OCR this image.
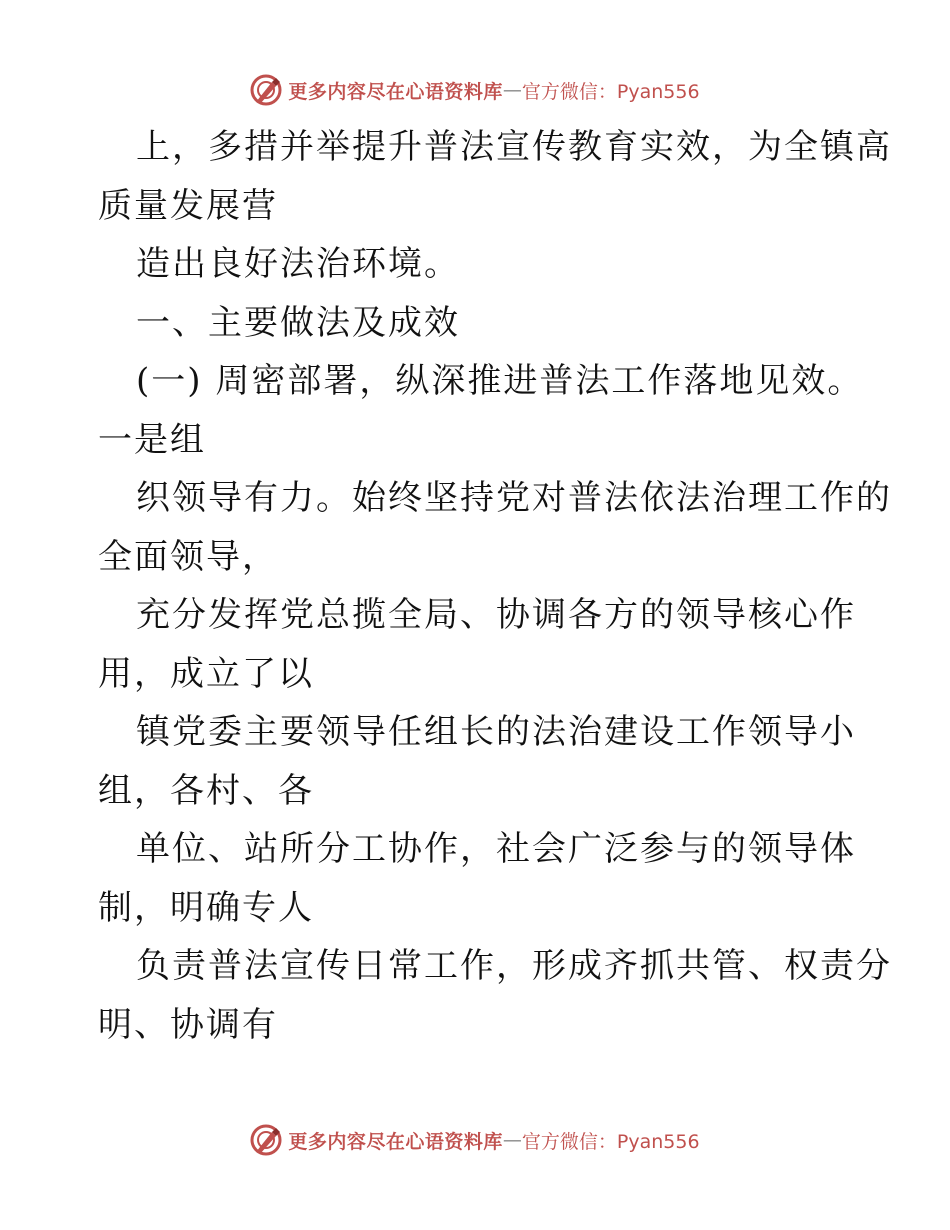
更多内容尽在心语资料库 — 官方微信：Pyan556
上，多措并举提升普法宣传教育实效，为全镇高
质量发展营
造出良好法治环境。
一、主要做法及成效
(一) 周密部署，纵深推进普法工作落地见效。
一是组
织领导有力。始终坚持党对普法依法治理工作的
全面领导，
充分发挥党总揽全局、协调各方的领导核心作
用，成立了以
镇党委主要领导任组长的法治建设工作领导小
组，各村、各
单位、站所分工协作，社会广泛参与的领导体
制，明确专人
负责普法宣传日常工作，形成齐抓共管、权责分
明、协调有
更多内容尽在心语资料库 — 官方微信：Pyan556
